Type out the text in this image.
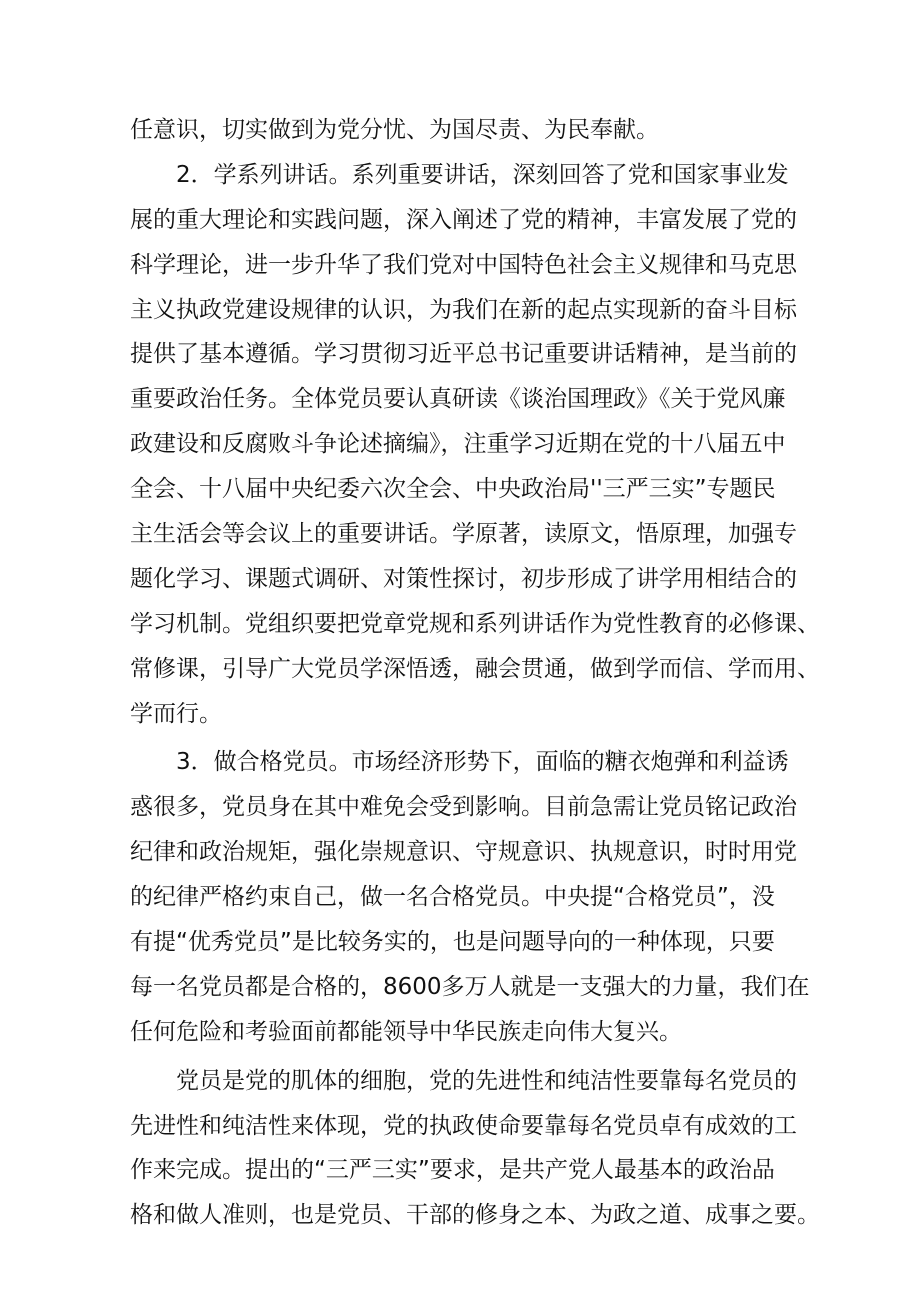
任意识，切实做到为党分忧、为国尽责、为民奉献。
2．学系列讲话。系列重要讲话，深刻回答了党和国家事业发
展的重大理论和实践问题，深入阐述了党的精神，丰富发展了党的
科学理论，进一步升华了我们党对中国特色社会主义规律和马克思
主义执政党建设规律的认识，为我们在新的起点实现新的奋斗目标
提供了基本遵循。学习贯彻习近平总书记重要讲话精神，是当前的
重要政治任务。全体党员要认真研读《谈治国理政》《关于党风廉
政建设和反腐败斗争论述摘编》，注重学习近期在党的十八届五中
全会、十八届中央纪委六次全会、中央政治局''三严三实”专题民
主生活会等会议上的重要讲话。学原著，读原文，悟原理，加强专
题化学习、课题式调研、对策性探讨，初步形成了讲学用相结合的
学习机制。党组织要把党章党规和系列讲话作为党性教育的必修课、
常修课，引导广大党员学深悟透，融会贯通，做到学而信、学而用、
学而行。
3．做合格党员。市场经济形势下，面临的糖衣炮弹和利益诱
惑很多，党员身在其中难免会受到影响。目前急需让党员铭记政治
纪律和政治规矩，强化崇规意识、守规意识、执规意识，时时用党
的纪律严格约束自己，做一名合格党员。中央提“合格党员”，没
有提“优秀党员”是比较务实的，也是问题导向的一种体现，只要
每一名党员都是合格的，8600多万人就是一支强大的力量，我们在
任何危险和考验面前都能领导中华民族走向伟大复兴。
党员是党的肌体的细胞，党的先进性和纯洁性要靠每名党员的
先进性和纯洁性来体现，党的执政使命要靠每名党员卓有成效的工
作来完成。提出的“三严三实”要求，是共产党人最基本的政治品
格和做人准则，也是党员、干部的修身之本、为政之道、成事之要。
